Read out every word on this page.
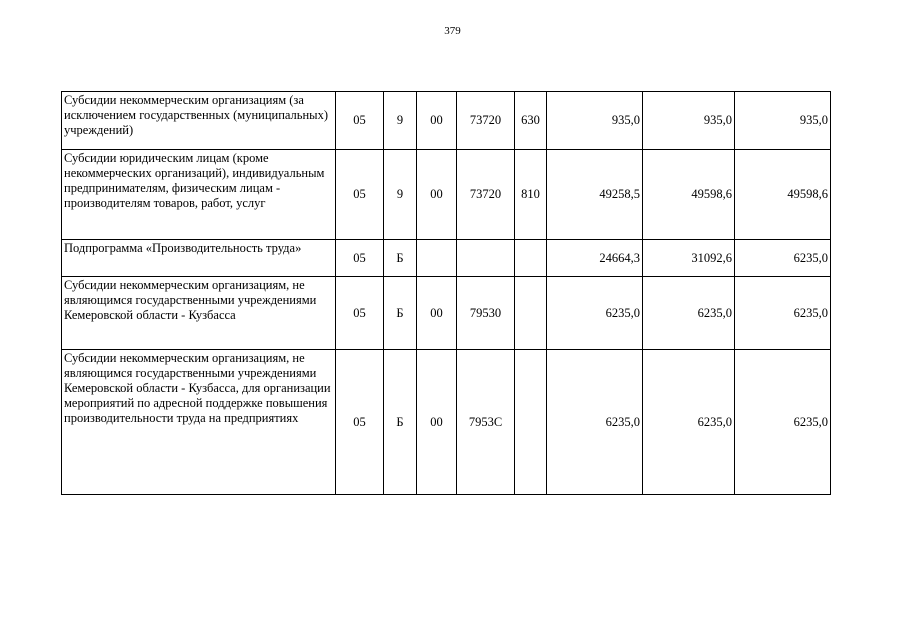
379
Субсидии некоммерческим организациям (за исключением государственных (муниципальных) учреждений)	05	9	00	73720	630	935,0	935,0	935,0
Субсидии юридическим лицам (кроме некоммерческих организаций), индивидуальным предпринимателям, физическим лицам - производителям товаров, работ, услуг	05	9	00	73720	810	49258,5	49598,6	49598,6
Подпрограмма «Производительность труда»	05	Б				24664,3	31092,6	6235,0
Субсидии некоммерческим организациям, не являющимся государственными учреждениями Кемеровской области - Кузбасса	05	Б	00	79530		6235,0	6235,0	6235,0
Субсидии некоммерческим организациям, не являющимся государственными учреждениями Кемеровской области - Кузбасса, для организации мероприятий по адресной поддержке повышения производительности труда на предприятиях	05	Б	00	7953С		6235,0	6235,0	6235,0
